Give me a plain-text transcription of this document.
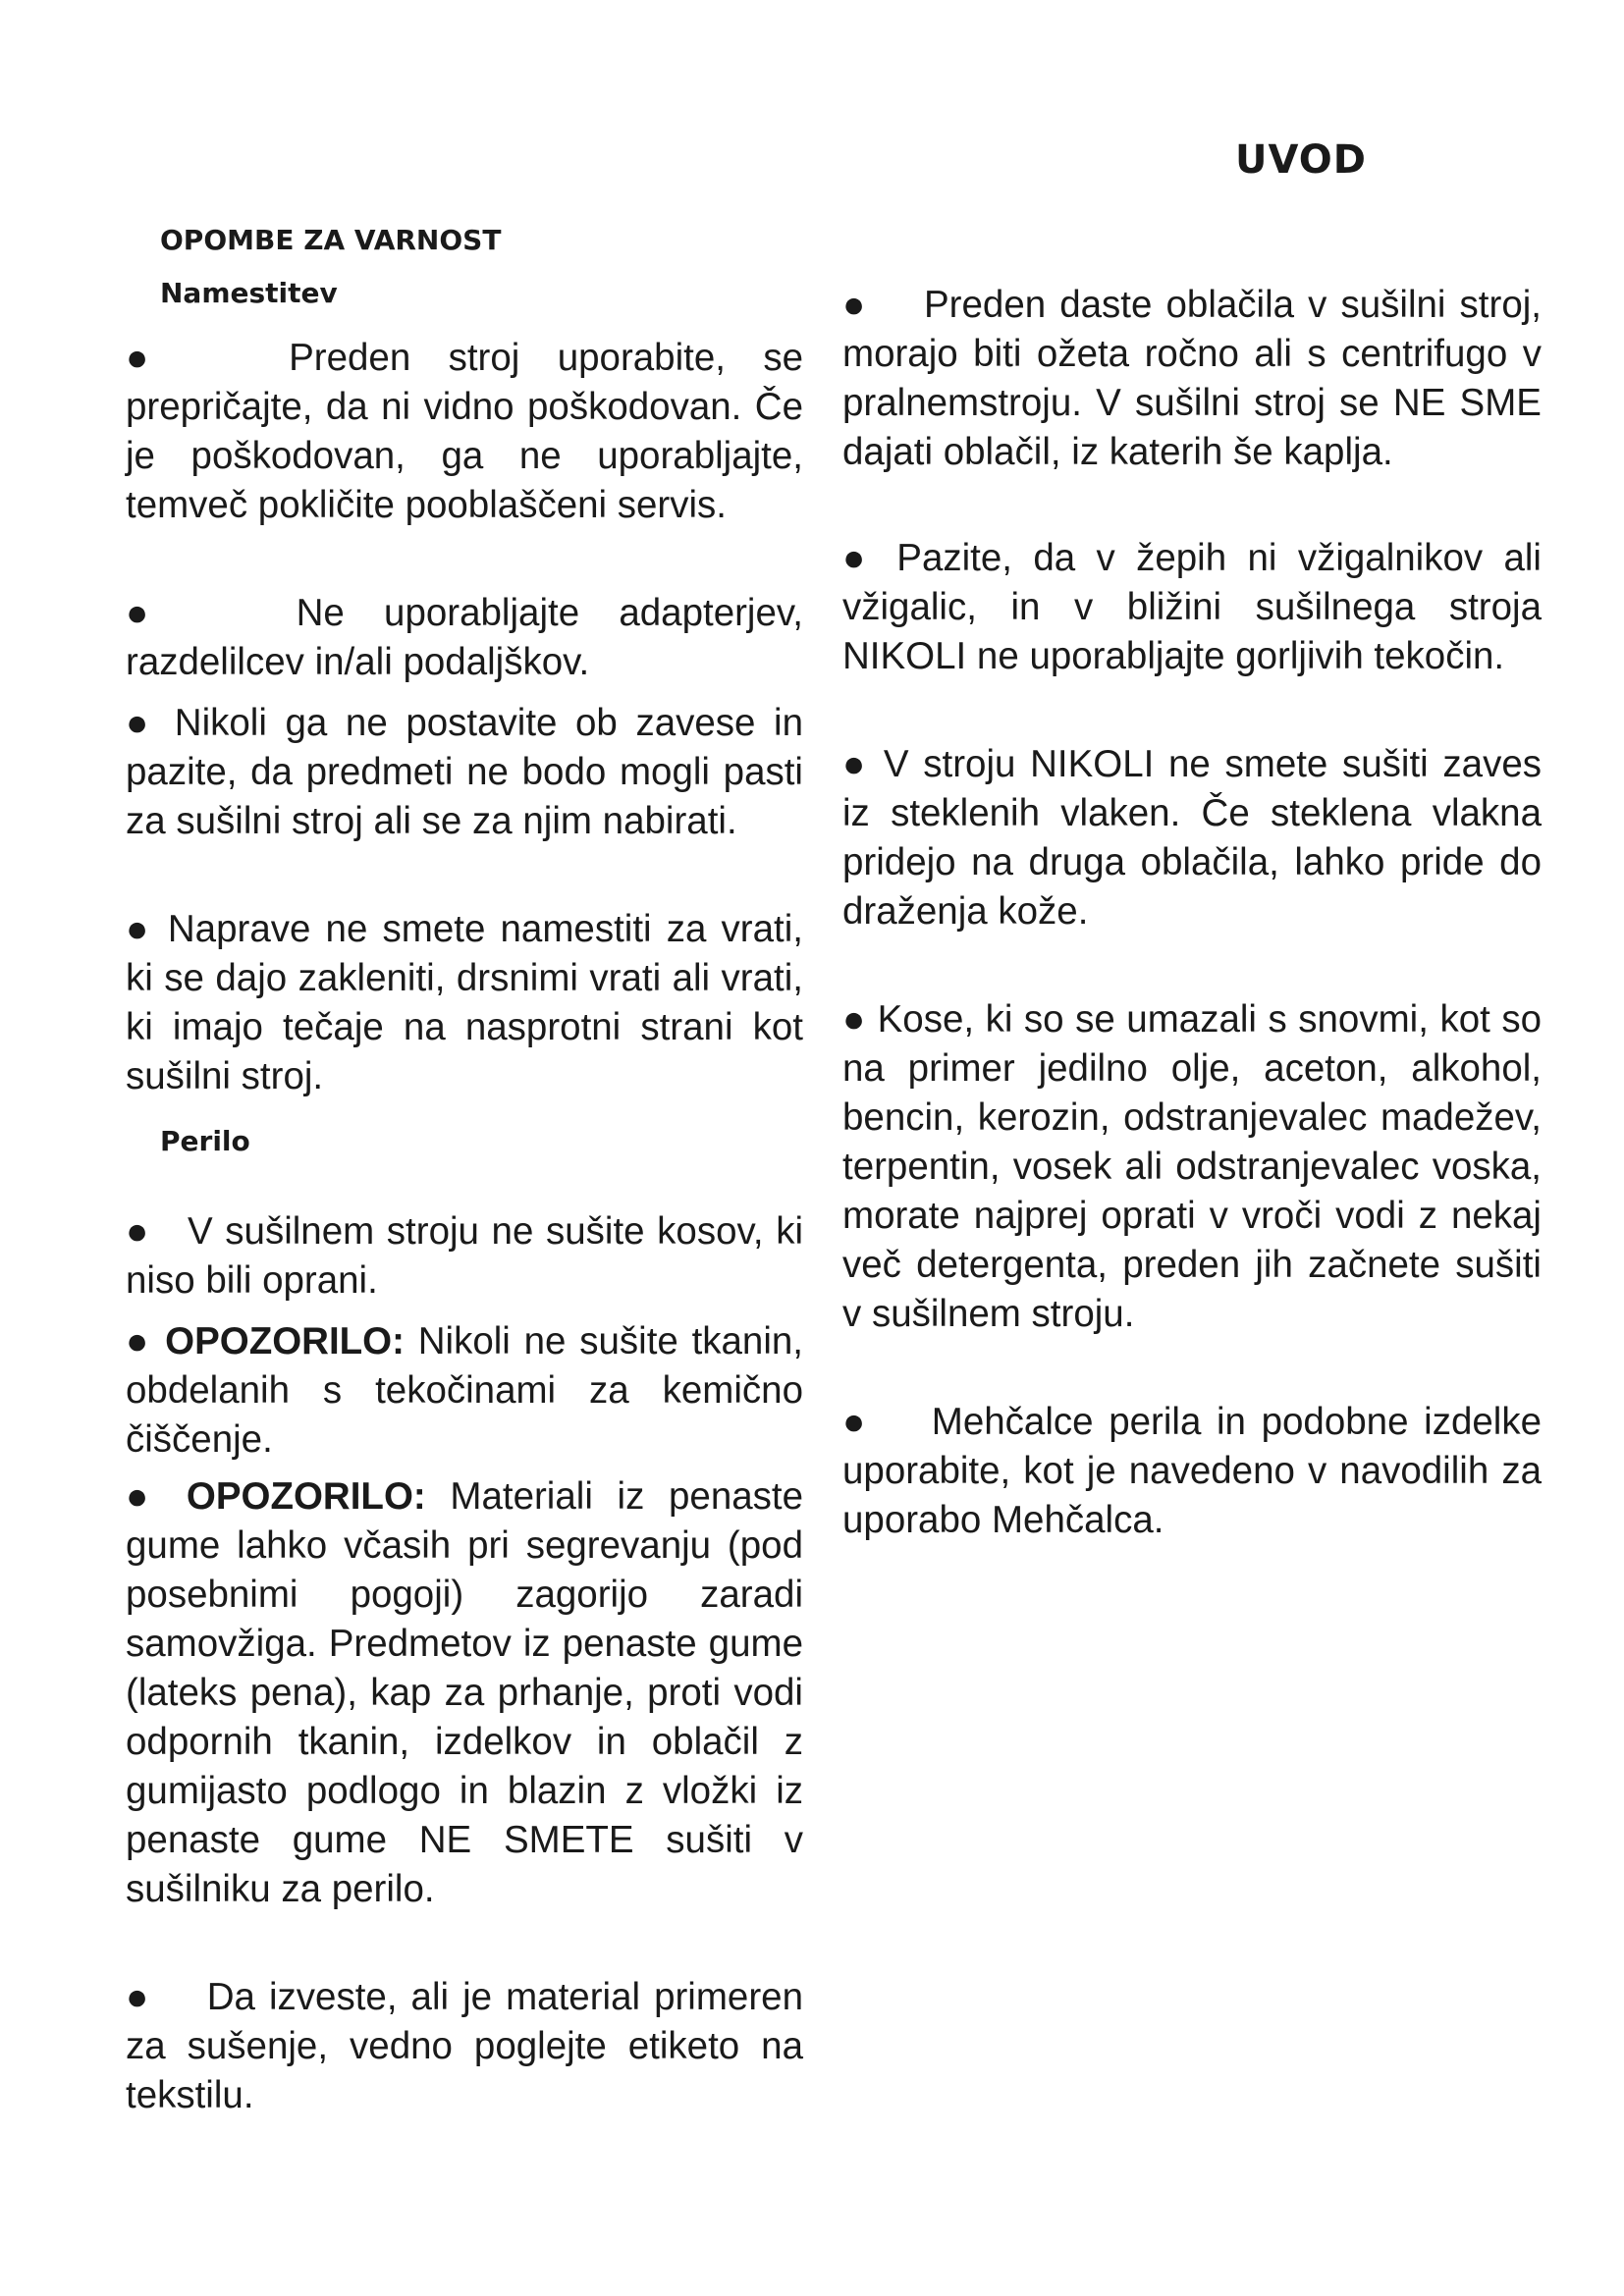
UVOD
OPOMBE ZA VARNOST
Namestitev

●	Preden stroj uporabite, se prepričajte, da ni vidno poškodovan. Če je poškodovan, ga ne uporabljajte, temveč pokličite pooblaščeni servis.

●	Ne uporabljajte adapterjev, razdelilcev in/ali podaljškov.

● Nikoli ga ne postavite ob zavese in pazite, da predmeti ne bodo mogli pasti za sušilni stroj ali se za njim nabirati.

● Naprave ne smete namestiti za vrati, ki se dajo zakleniti, drsnimi vrati ali vrati, ki imajo tečaje na nasprotni strani kot sušilni stroj.

Perilo

● V sušilnem stroju ne sušite kosov, ki niso bili oprani.

● OPOZORILO: Nikoli ne sušite tkanin, obdelanih s tekočinami za kemično čiščenje.

● OPOZORILO: Materiali iz penaste gume lahko včasih pri segrevanju (pod posebnimi pogoji) zagorijo zaradi samovžiga. Predmetov iz penaste gume (lateks pena), kap za prhanje, proti vodi odpornih tkanin, izdelkov in oblačil z gumijasto podlogo in blazin z vložki iz penaste gume NE SMETE sušiti v sušilniku za perilo.

● Da izveste, ali je material primeren za sušenje, vedno poglejte etiketo na tekstilu.

● Preden daste oblačila v sušilni stroj, morajo biti ožeta ročno ali s centrifugo v pralnemstroju. V sušilni stroj se NE SME dajati oblačil, iz katerih še kaplja.

● Pazite, da v žepih ni vžigalnikov ali vžigalic, in v bližini sušilnega stroja NIKOLI ne uporabljajte gorljivih tekočin.

● V stroju NIKOLI ne smete sušiti zaves iz steklenih vlaken. Če steklena vlakna pridejo na druga oblačila, lahko pride do draženja kože.

● Kose, ki so se umazali s snovmi, kot so na primer jedilno olje, aceton, alkohol, bencin, kerozin, odstranjevalec madežev, terpentin, vosek ali odstranjevalec voska, morate najprej oprati v vroči vodi z nekaj več detergenta, preden jih začnete sušiti v sušilnem stroju.

● Mehčalce perila in podobne izdelke uporabite, kot je navedeno v navodilih za uporabo Mehčalca.
